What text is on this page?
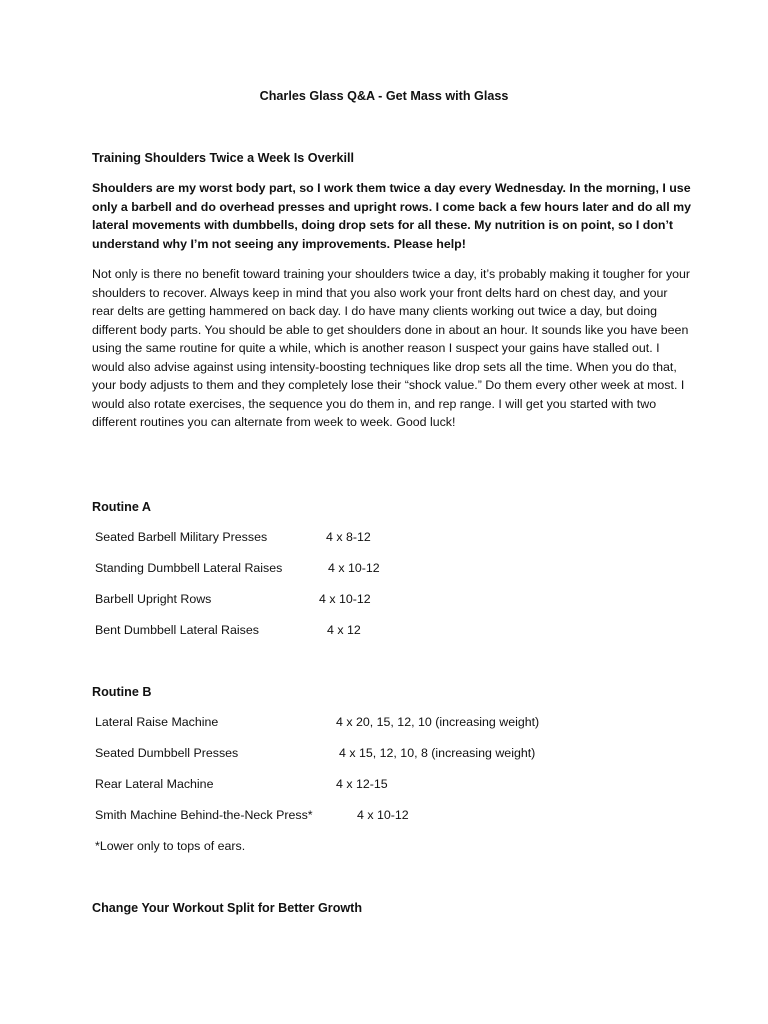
Charles Glass Q&A - Get Mass with Glass
Training Shoulders Twice a Week Is Overkill

Shoulders are my worst body part, so I work them twice a day every Wednesday. In the morning, I use only a barbell and do overhead presses and upright rows. I come back a few hours later and do all my lateral movements with dumbbells, doing drop sets for all these. My nutrition is on point, so I don’t understand why I’m not seeing any improvements. Please help!

Not only is there no benefit toward training your shoulders twice a day, it’s probably making it tougher for your shoulders to recover. Always keep in mind that you also work your front delts hard on chest day, and your rear delts are getting hammered on back day. I do have many clients working out twice a day, but doing different body parts. You should be able to get shoulders done in about an hour. It sounds like you have been using the same routine for quite a while, which is another reason I suspect your gains have stalled out. I would also advise against using intensity-boosting techniques like drop sets all the time. When you do that, your body adjusts to them and they completely lose their “shock value.” Do them every other week at most. I would also rotate exercises, the sequence you do them in, and rep range. I will get you started with two different routines you can alternate from week to week. Good luck!

Routine A
Seated Barbell Military Presses	4 x 8-12
Standing Dumbbell Lateral Raises	4 x 10-12
Barbell Upright Rows	4 x 10-12
Bent Dumbbell Lateral Raises	4 x 12
Routine B
Lateral Raise Machine	4 x 20, 15, 12, 10 (increasing weight)
Seated Dumbbell Presses	4 x 15, 12, 10, 8 (increasing weight)
Rear Lateral Machine	4 x 12-15
Smith Machine Behind-the-Neck Press*	4 x 10-12
*Lower only to tops of ears.
Change Your Workout Split for Better Growth
